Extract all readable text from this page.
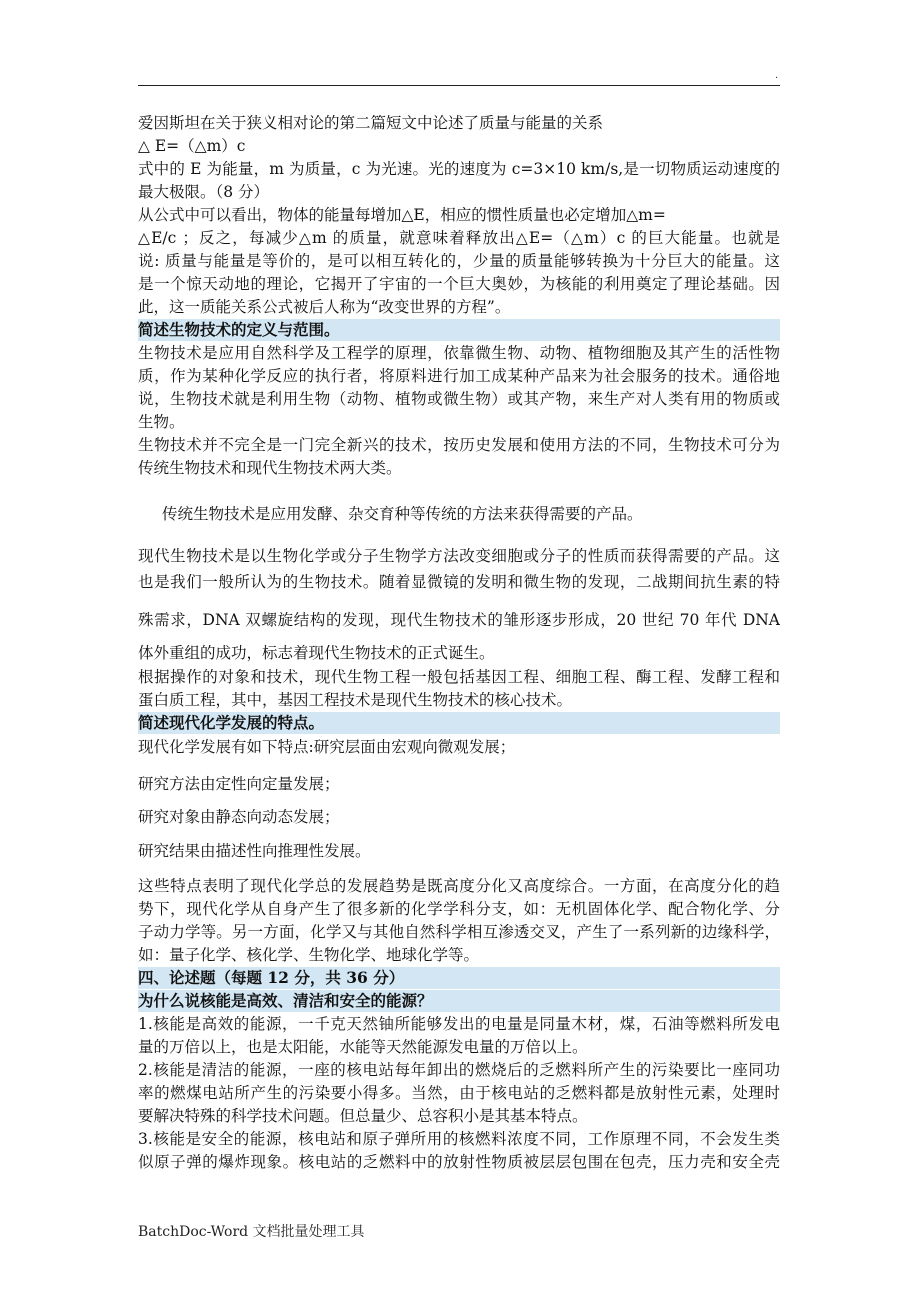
.
爱因斯坦在关于狭义相对论的第二篇短文中论述了质量与能量的关系
△ E=（△m）c
式中的 E 为能量，m 为质量，c 为光速。光的速度为 c=3×10 km/s,是一切物质运动速度的
最大极限。（8 分）
从公式中可以看出，物体的能量每增加△E，相应的惯性质量也必定增加△m=
△E/c ；反之，每减少△m 的质量，就意味着释放出△E=（△m）c 的巨大能量。也就是
说: 质量与能量是等价的，是可以相互转化的，少量的质量能够转换为十分巨大的能量。这
是一个惊天动地的理论，它揭开了宇宙的一个巨大奥妙，为核能的利用奠定了理论基础。因
此，这一质能关系公式被后人称为“改变世界的方程”。
简述生物技术的定义与范围。
生物技术是应用自然科学及工程学的原理，依靠微生物、动物、植物细胞及其产生的活性物
质，作为某种化学反应的执行者，将原料进行加工成某种产品来为社会服务的技术。通俗地
说，生物技术就是利用生物（动物、植物或微生物）或其产物，来生产对人类有用的物质或
生物。
生物技术并不完全是一门完全新兴的技术，按历史发展和使用方法的不同，生物技术可分为
传统生物技术和现代生物技术两大类。
传统生物技术是应用发酵、杂交育种等传统的方法来获得需要的产品。
现代生物技术是以生物化学或分子生物学方法改变细胞或分子的性质而获得需要的产品。这
也是我们一般所认为的生物技术。随着显微镜的发明和微生物的发现，二战期间抗生素的特
殊需求，DNA 双螺旋结构的发现，现代生物技术的雏形逐步形成，20 世纪 70 年代 DNA
体外重组的成功，标志着现代生物技术的正式诞生。
根据操作的对象和技术，现代生物工程一般包括基因工程、细胞工程、酶工程、发酵工程和
蛋白质工程，其中，基因工程技术是现代生物技术的核心技术。
简述现代化学发展的特点。
现代化学发展有如下特点:研究层面由宏观向微观发展；
研究方法由定性向定量发展；
研究对象由静态向动态发展；
研究结果由描述性向推理性发展。
这些特点表明了现代化学总的发展趋势是既高度分化又高度综合。一方面，在高度分化的趋
势下，现代化学从自身产生了很多新的化学学科分支，如：无机固体化学、配合物化学、分
子动力学等。另一方面，化学又与其他自然科学相互渗透交叉，产生了一系列新的边缘科学，
如：量子化学、核化学、生物化学、地球化学等。
四、论述题（每题 12 分，共 36 分）
为什么说核能是高效、清洁和安全的能源？
1.核能是高效的能源，一千克天然铀所能够发出的电量是同量木材，煤，石油等燃料所发电
量的万倍以上，也是太阳能，水能等天然能源发电量的万倍以上。
2.核能是清洁的能源，一座的核电站每年卸出的燃烧后的乏燃料所产生的污染要比一座同功
率的燃煤电站所产生的污染要小得多。当然，由于核电站的乏燃料都是放射性元素，处理时
要解决特殊的科学技术问题。但总量少、总容积小是其基本特点。
3.核能是安全的能源，核电站和原子弹所用的核燃料浓度不同，工作原理不同，不会发生类
似原子弹的爆炸现象。核电站的乏燃料中的放射性物质被层层包围在包壳，压力壳和安全壳
BatchDoc-Word 文档批量处理工具
